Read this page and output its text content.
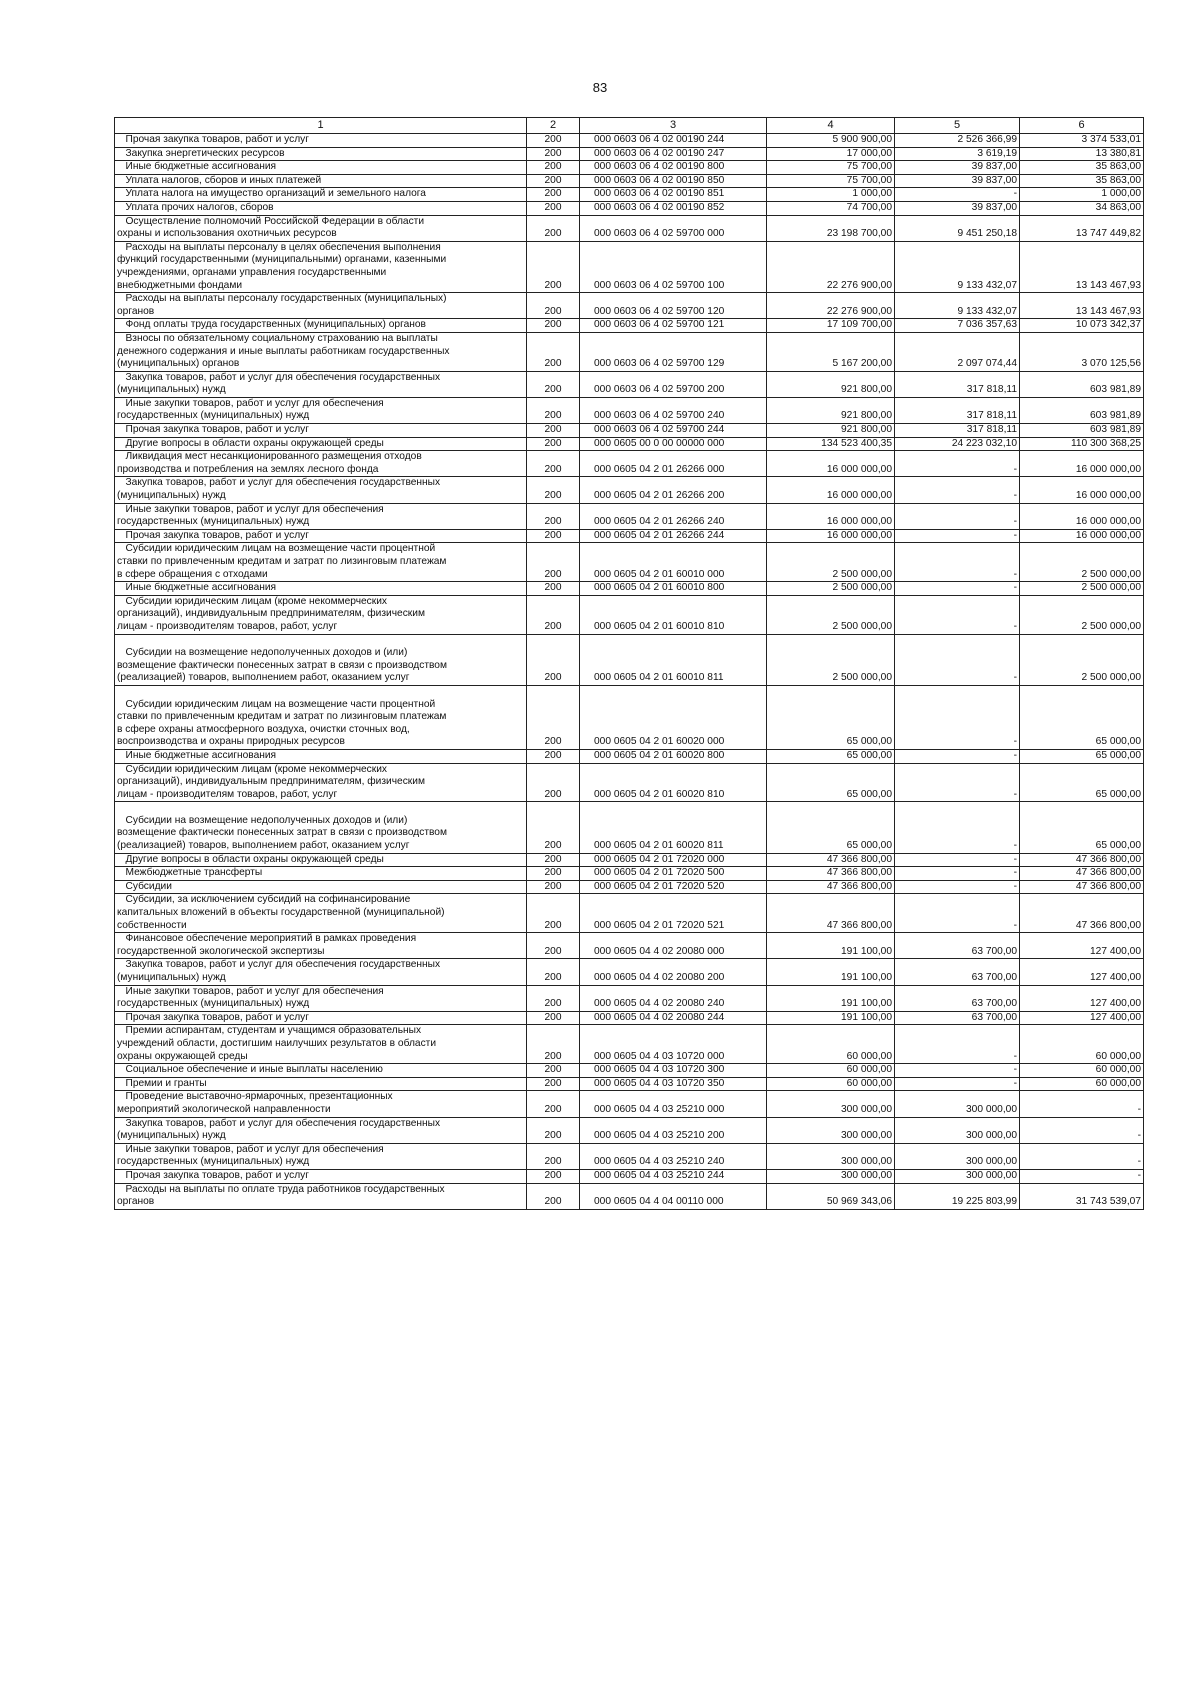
83
1	2	3	4	5	6
Прочая закупка товаров, работ и услуг	200	000 0603 06 4 02 00190 244	5 900 900,00	2 526 366,99	3 374 533,01
Закупка энергетических ресурсов	200	000 0603 06 4 02 00190 247	17 000,00	3 619,19	13 380,81
Иные бюджетные ассигнования	200	000 0603 06 4 02 00190 800	75 700,00	39 837,00	35 863,00
Уплата налогов, сборов и иных платежей	200	000 0603 06 4 02 00190 850	75 700,00	39 837,00	35 863,00
Уплата налога на имущество организаций и земельного налога	200	000 0603 06 4 02 00190 851	1 000,00	-	1 000,00
Уплата прочих налогов, сборов	200	000 0603 06 4 02 00190 852	74 700,00	39 837,00	34 863,00
Осуществление полномочий Российской Федерации в области
охраны и использования охотничьих ресурсов	200	000 0603 06 4 02 59700 000	23 198 700,00	9 451 250,18	13 747 449,82
Расходы на выплаты персоналу в целях обеспечения выполнения
функций государственными (муниципальными) органами, казенными
учреждениями, органами управления государственными
внебюджетными фондами	200	000 0603 06 4 02 59700 100	22 276 900,00	9 133 432,07	13 143 467,93
Расходы на выплаты персоналу государственных (муниципальных)
органов	200	000 0603 06 4 02 59700 120	22 276 900,00	9 133 432,07	13 143 467,93
Фонд оплаты труда государственных (муниципальных) органов	200	000 0603 06 4 02 59700 121	17 109 700,00	7 036 357,63	10 073 342,37
Взносы по обязательному социальному страхованию на выплаты
денежного содержания и иные выплаты работникам государственных
(муниципальных) органов	200	000 0603 06 4 02 59700 129	5 167 200,00	2 097 074,44	3 070 125,56
Закупка товаров, работ и услуг для обеспечения государственных
(муниципальных) нужд	200	000 0603 06 4 02 59700 200	921 800,00	317 818,11	603 981,89
Иные закупки товаров, работ и услуг для обеспечения
государственных (муниципальных) нужд	200	000 0603 06 4 02 59700 240	921 800,00	317 818,11	603 981,89
Прочая закупка товаров, работ и услуг	200	000 0603 06 4 02 59700 244	921 800,00	317 818,11	603 981,89
Другие вопросы в области охраны окружающей среды	200	000 0605 00 0 00 00000 000	134 523 400,35	24 223 032,10	110 300 368,25
Ликвидация мест несанкционированного размещения отходов
производства и потребления на землях лесного фонда	200	000 0605 04 2 01 26266 000	16 000 000,00	-	16 000 000,00
Закупка товаров, работ и услуг для обеспечения государственных
(муниципальных) нужд	200	000 0605 04 2 01 26266 200	16 000 000,00	-	16 000 000,00
Иные закупки товаров, работ и услуг для обеспечения
государственных (муниципальных) нужд	200	000 0605 04 2 01 26266 240	16 000 000,00	-	16 000 000,00
Прочая закупка товаров, работ и услуг	200	000 0605 04 2 01 26266 244	16 000 000,00	-	16 000 000,00
Субсидии юридическим лицам на возмещение части процентной
ставки по привлеченным кредитам и затрат по лизинговым платежам
в сфере обращения с отходами	200	000 0605 04 2 01 60010 000	2 500 000,00	-	2 500 000,00
Иные бюджетные ассигнования	200	000 0605 04 2 01 60010 800	2 500 000,00	-	2 500 000,00
Субсидии юридическим лицам (кроме некоммерческих
организаций), индивидуальным предпринимателям, физическим
лицам - производителям товаров, работ, услуг	200	000 0605 04 2 01 60010 810	2 500 000,00	-	2 500 000,00

Субсидии на возмещение недополученных доходов и (или)
возмещение фактически понесенных затрат в связи с производством
(реализацией) товаров, выполнением работ, оказанием услуг	200	000 0605 04 2 01 60010 811	2 500 000,00	-	2 500 000,00

Субсидии юридическим лицам на возмещение части процентной
ставки по привлеченным кредитам и затрат по лизинговым платежам
в сфере охраны атмосферного воздуха, очистки сточных вод,
воспроизводства и охраны природных ресурсов	200	000 0605 04 2 01 60020 000	65 000,00	-	65 000,00
Иные бюджетные ассигнования	200	000 0605 04 2 01 60020 800	65 000,00	-	65 000,00
Субсидии юридическим лицам (кроме некоммерческих
организаций), индивидуальным предпринимателям, физическим
лицам - производителям товаров, работ, услуг	200	000 0605 04 2 01 60020 810	65 000,00	-	65 000,00

Субсидии на возмещение недополученных доходов и (или)
возмещение фактически понесенных затрат в связи с производством
(реализацией) товаров, выполнением работ, оказанием услуг	200	000 0605 04 2 01 60020 811	65 000,00	-	65 000,00
Другие вопросы в области охраны окружающей среды	200	000 0605 04 2 01 72020 000	47 366 800,00	-	47 366 800,00
Межбюджетные трансферты	200	000 0605 04 2 01 72020 500	47 366 800,00	-	47 366 800,00
Субсидии	200	000 0605 04 2 01 72020 520	47 366 800,00	-	47 366 800,00
Субсидии, за исключением субсидий на софинансирование
капитальных вложений в объекты государственной (муниципальной)
собственности	200	000 0605 04 2 01 72020 521	47 366 800,00	-	47 366 800,00
Финансовое обеспечение мероприятий в рамках проведения
государственной экологической экспертизы	200	000 0605 04 4 02 20080 000	191 100,00	63 700,00	127 400,00
Закупка товаров, работ и услуг для обеспечения государственных
(муниципальных) нужд	200	000 0605 04 4 02 20080 200	191 100,00	63 700,00	127 400,00
Иные закупки товаров, работ и услуг для обеспечения
государственных (муниципальных) нужд	200	000 0605 04 4 02 20080 240	191 100,00	63 700,00	127 400,00
Прочая закупка товаров, работ и услуг	200	000 0605 04 4 02 20080 244	191 100,00	63 700,00	127 400,00
Премии аспирантам, студентам и учащимся образовательных
учреждений области, достигшим наилучших результатов в области
охраны окружающей среды	200	000 0605 04 4 03 10720 000	60 000,00	-	60 000,00
Социальное обеспечение и иные выплаты населению	200	000 0605 04 4 03 10720 300	60 000,00	-	60 000,00
Премии и гранты	200	000 0605 04 4 03 10720 350	60 000,00	-	60 000,00
Проведение выставочно-ярмарочных, презентационных
мероприятий экологической направленности	200	000 0605 04 4 03 25210 000	300 000,00	300 000,00	-
Закупка товаров, работ и услуг для обеспечения государственных
(муниципальных) нужд	200	000 0605 04 4 03 25210 200	300 000,00	300 000,00	-
Иные закупки товаров, работ и услуг для обеспечения
государственных (муниципальных) нужд	200	000 0605 04 4 03 25210 240	300 000,00	300 000,00	-
Прочая закупка товаров, работ и услуг	200	000 0605 04 4 03 25210 244	300 000,00	300 000,00	-
Расходы на выплаты по оплате труда работников государственных
органов	200	000 0605 04 4 04 00110 000	50 969 343,06	19 225 803,99	31 743 539,07
